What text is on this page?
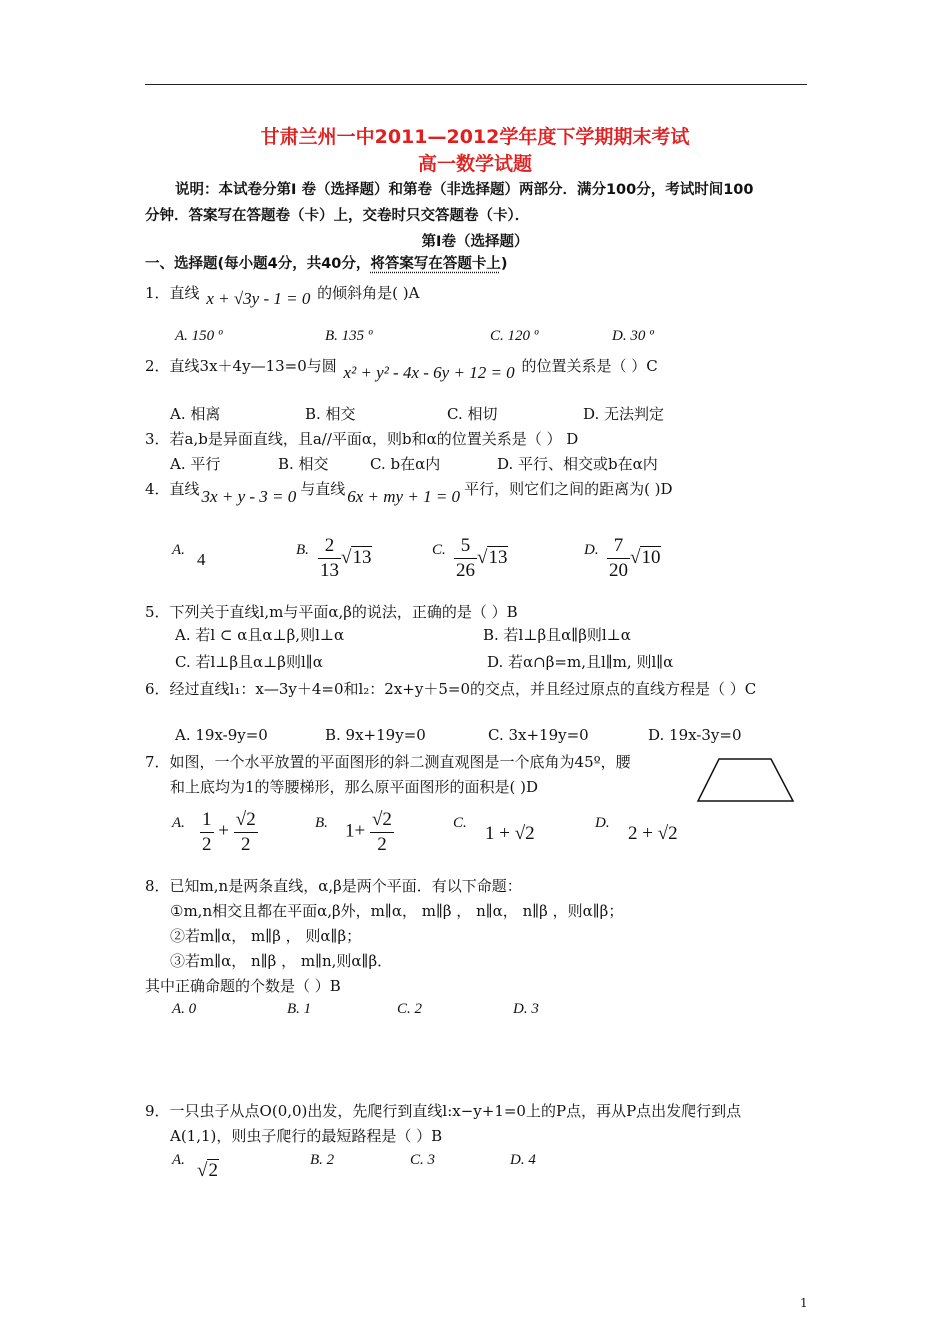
甘肃兰州一中2011—2012学年度下学期期末考试
高一数学试题
说明：本试卷分第I 卷（选择题）和第卷（非选择题）两部分．满分100分，考试时间100
分钟．答案写在答题卷（卡）上，交卷时只交答题卷（卡）．
第Ⅰ卷（选择题）
一、选择题(每小题4分，共40分，将答案写在答题卡上)
1．直线 x + √3y - 1 = 0 的倾斜角是( )A
A. 150 º	B. 135 º	C. 120 º	D. 30 º
2．直线3x＋4y—13=0与圆 x² + y² - 4x - 6y + 12 = 0 的位置关系是（ ）C
A. 相离	B. 相交	C. 相切	D. 无法判定
3．若a,b是异面直线，且a//平面α，则b和α的位置关系是（ ） D
A. 平行	B. 相交	C. b在α内	D. 平行、相交或b在α内
4．直线 3x + y - 3 = 0 与直线 6x + my + 1 = 0 平行，则它们之间的距离为( )D
A. 4	B. $\frac{2}{13} √13$	C. $\frac{5}{26} √13$	D. $\frac{7}{20} √10$
5．下列关于直线l,m与平面α,β的说法，正确的是（ ）B
A. 若l ⊂ α且α⊥β,则l⊥α	B. 若l⊥β且α∥β则l⊥α
C. 若l⊥β且α⊥β则l∥α	D. 若α∩β=m,且l∥m, 则l∥α
6．经过直线l₁：x—3y＋4=0和l₂：2x+y＋5=0的交点，并且经过原点的直线方程是（ ）C
A. 19x-9y=0	B. 9x+19y=0	C. 3x+19y=0	D. 19x-3y=0
7．如图，一个水平放置的平面图形的斜二测直观图是一个底角为45º，腰
和上底均为1的等腰梯形，那么原平面图形的面积是( )D
A. $\frac{1}{2} + \frac{√2}{2}$	B. $1+ \frac{√2}{2}$	C. 1 + √2	D. 2 + √2
8．已知m,n是两条直线，α,β是两个平面．有以下命题：
①m,n相交且都在平面α,β外，m∥α， m∥β ， n∥α， n∥β ，则α∥β；
②若m∥α， m∥β ， 则α∥β；
③若m∥α， n∥β ， m∥n,则α∥β．
其中正确命题的个数是（ ）B
A. 0	B. 1	C. 2	D. 3
9．一只虫子从点O(0,0)出发，先爬行到直线l:x−y+1=0上的P点，再从P点出发爬行到点
A(1,1)，则虫子爬行的最短路程是（ ）B
A. √2	B. 2	C. 3	D. 4
1
